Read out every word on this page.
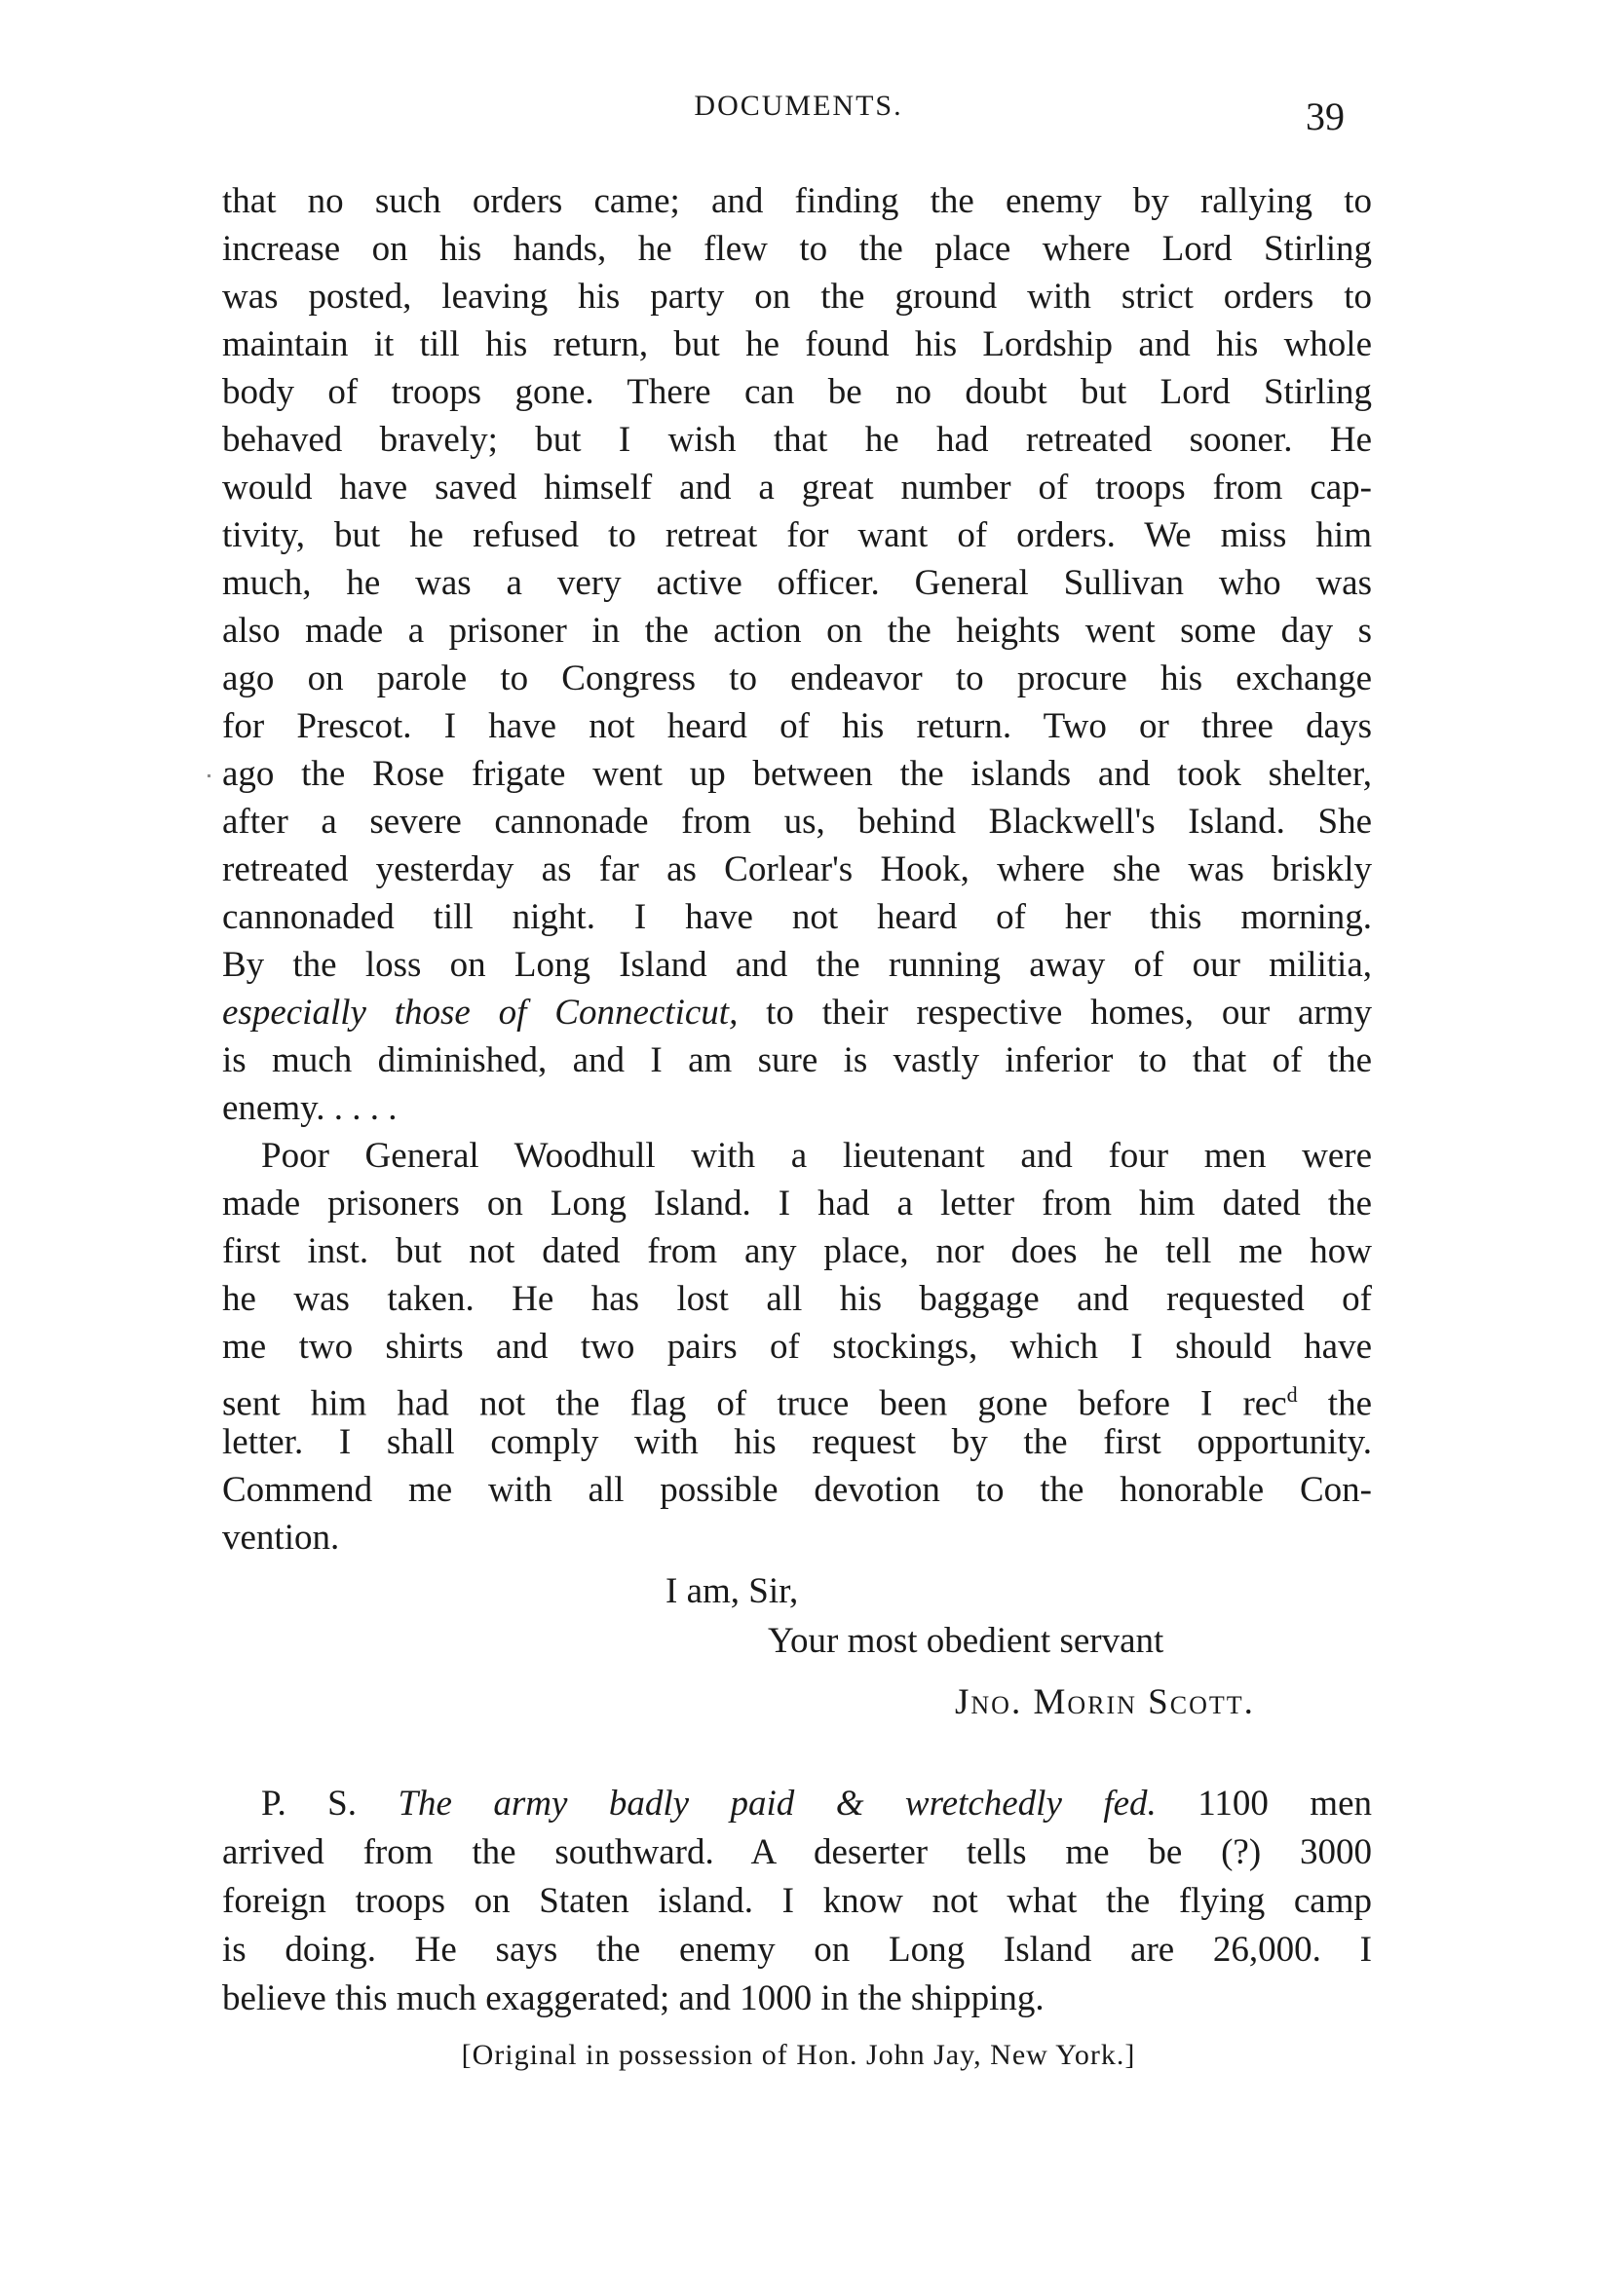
DOCUMENTS.	39
that no such orders came; and finding the enemy by rallying to
increase on his hands, he flew to the place where Lord Stirling
was posted, leaving his party on the ground with strict orders to
maintain it till his return, but he found his Lordship and his whole
body of troops gone. There can be no doubt but Lord Stirling
behaved bravely; but I wish that he had retreated sooner. He
would have saved himself and a great number of troops from cap-
tivity, but he refused to retreat for want of orders. We miss him
much, he was a very active officer. General Sullivan who was
also made a prisoner in the action on the heights went some day s
ago on parole to Congress to endeavor to procure his exchange
for Prescot. I have not heard of his return. Two or three days
ago the Rose frigate went up between the islands and took shelter,
after a severe cannonade from us, behind Blackwell's Island. She
retreated yesterday as far as Corlear's Hook, where she was briskly
cannonaded till night. I have not heard of her this morning.
By the loss on Long Island and the running away of our militia,
especially those of Connecticut, to their respective homes, our army
is much diminished, and I am sure is vastly inferior to that of the
enemy. . . . .
Poor General Woodhull with a lieutenant and four men were
made prisoners on Long Island. I had a letter from him dated the
first inst. but not dated from any place, nor does he tell me how
he was taken. He has lost all his baggage and requested of
me two shirts and two pairs of stockings, which I should have
sent him had not the flag of truce been gone before I rec$^d$ the
letter. I shall comply with his request by the first opportunity.
Commend me with all possible devotion to the honorable Con-
vention.
I am, Sir,
Your most obedient servant
Jno. Morin Scott.
P. S. The army badly paid & wretchedly fed. 1100 men
arrived from the southward. A deserter tells me be (?) 3000
foreign troops on Staten island. I know not what the flying camp
is doing. He says the enemy on Long Island are 26,000. I
believe this much exaggerated; and 1000 in the shipping.
[Original in possession of Hon. John Jay, New York.]
